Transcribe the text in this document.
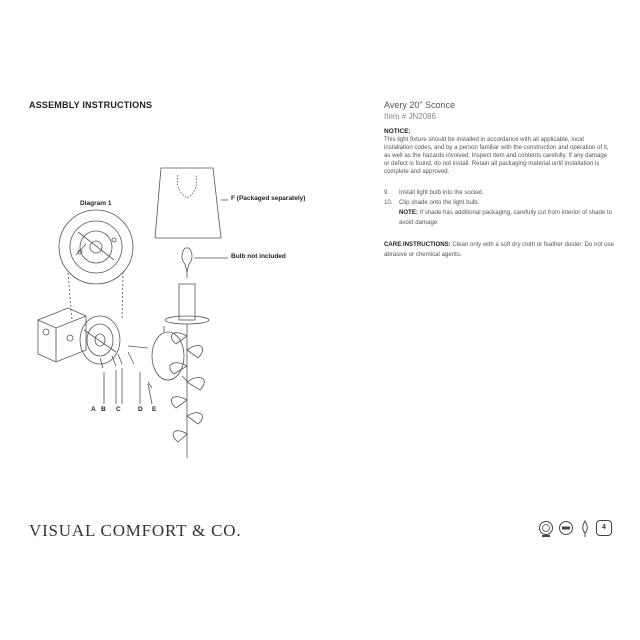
ASSEMBLY INSTRUCTIONS
Diagram 1
F (Packaged separately)
Bulb not included
A B C	D E
Avery 20" Sconce
Item # JN2086
NOTICE:
This light fixture should be installed in accordance with all applicable, local installation codes, and by a person familiar with the construction and operation of it, as well as the hazards involved. Inspect item and contents carefully. If any damage or defect is found, do not install. Retain all packaging material until installation is complete and approved.
9.	Install light bulb into the socket.
10.	Clip shade onto the light bulb.
NOTE: If shade has additional packaging, carefully cut from interior of shade to avoid damage.
CARE INSTRUCTIONS: Clean only with a soft dry cloth or feather duster. Do not use abrasive or chemical agents.
VISUAL COMFORT & CO.	4
